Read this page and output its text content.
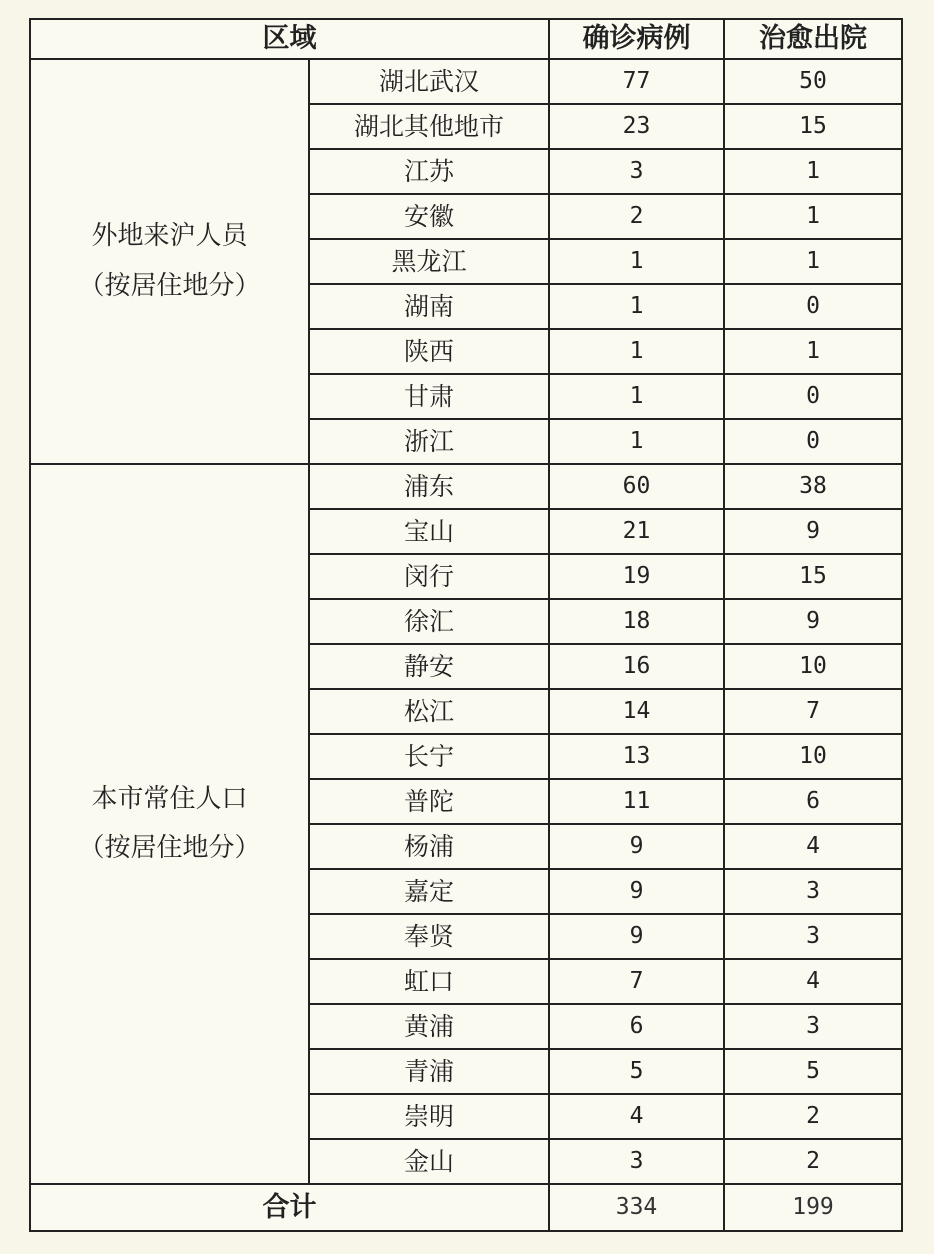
区域		确诊病例	治愈出院

外地来沪人员
（按居住地分）	湖北武汉	77	50
	湖北其他地市	23	15
	江苏	3	1
	安徽	2	1
	黑龙江	1	1
	湖南	1	0
	陕西	1	1
	甘肃	1	0
	浙江	1	0

本市常住人口
（按居住地分）	浦东	60	38
	宝山	21	9
	闵行	19	15
	徐汇	18	9
	静安	16	10
	松江	14	7
	长宁	13	10
	普陀	11	6
	杨浦	9	4
	嘉定	9	3
	奉贤	9	3
	虹口	7	4
	黄浦	6	3
	青浦	5	5
	崇明	4	2
	金山	3	2
合计		334	199
